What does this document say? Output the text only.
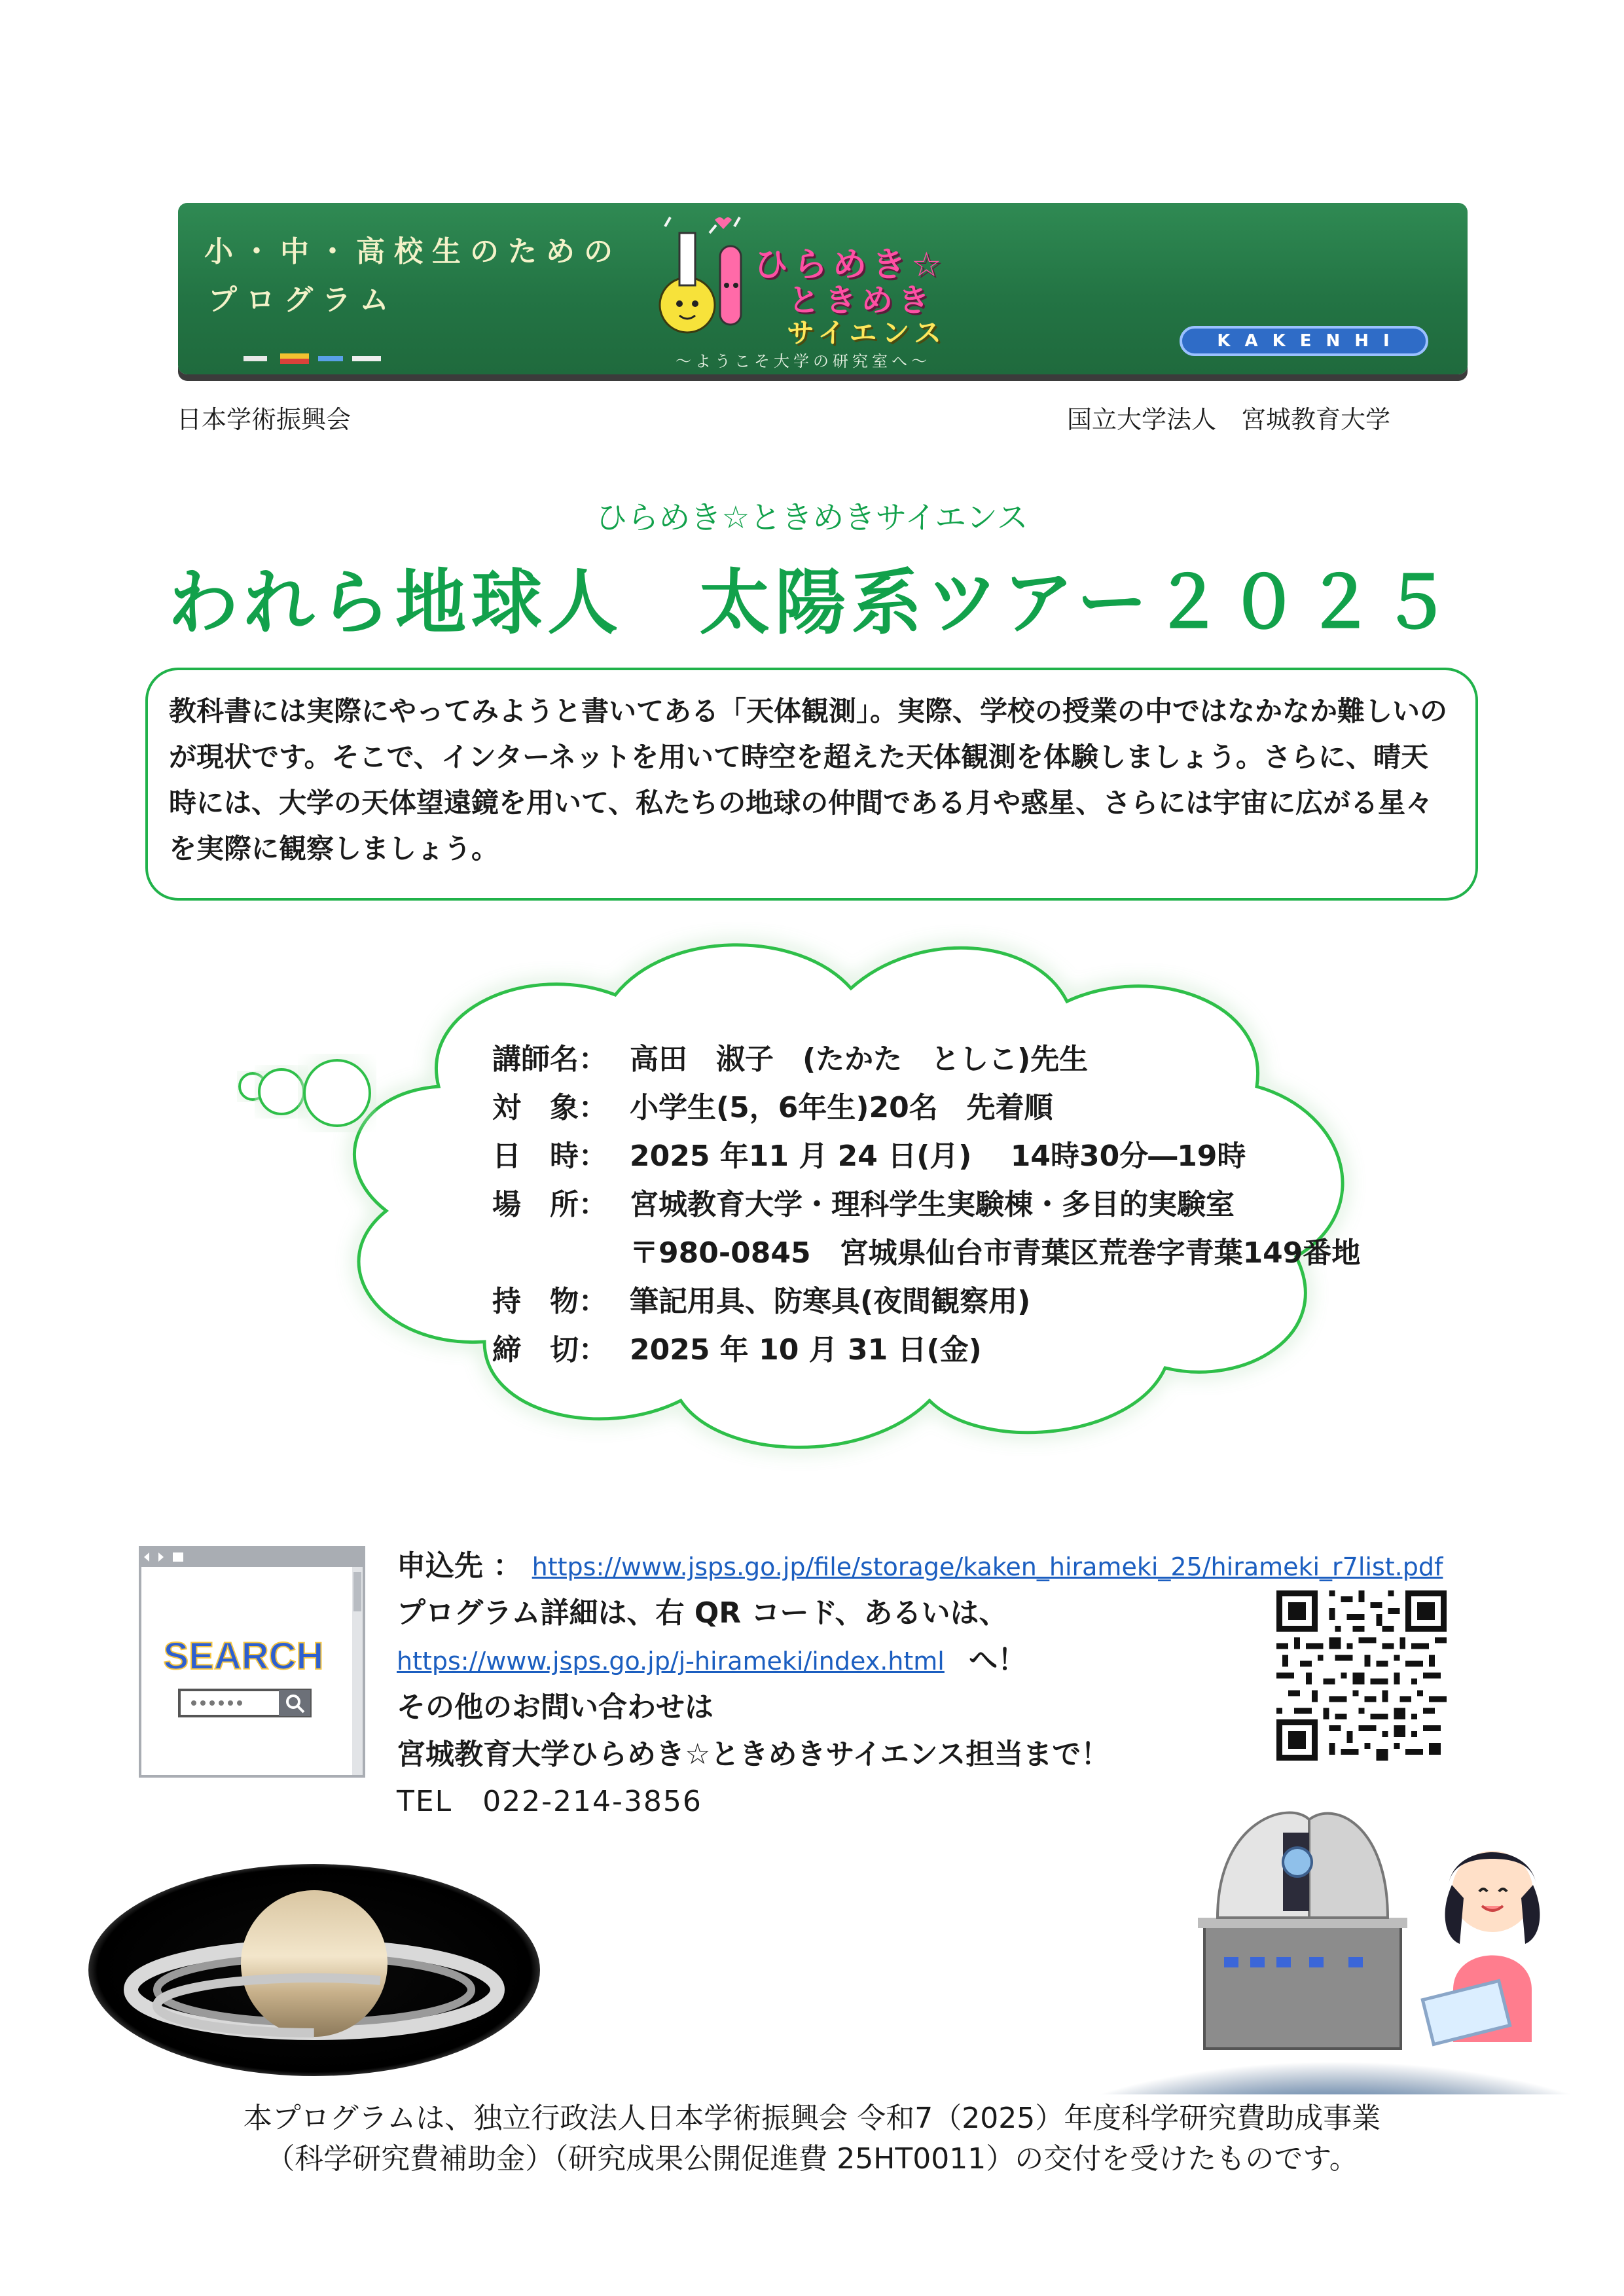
小・中・高校生のための
プログラム
ひらめき☆
ときめき
サイエンス
〜ようこそ大学の研究室へ〜
KAKENHI
日本学術振興会	国立大学法人　宮城教育大学
ひらめき☆ときめきサイエンス
われら地球人　太陽系ツアー２０２５
教科書には実際にやってみようと書いてある「天体観測」。実際、学校の授業の中ではなかなか難しいのが現状です。そこで、インターネットを用いて時空を超えた天体観測を体験しましょう。さらに、晴天時には、大学の天体望遠鏡を用いて、私たちの地球の仲間である月や惑星、さらには宇宙に広がる星々を実際に観察しましょう。
講師名： 高田　淑子　(たかた　としこ)先生
対　象： 小学生(5，6年生)20名　先着順
日　時： 2025 年11 月 24 日(月)　 14時30分―19時
場　所： 宮城教育大学・理科学生実験棟・多目的実験室
〒980-0845　宮城県仙台市青葉区荒巻字青葉149番地
持　物： 筆記用具、防寒具(夜間観察用)
締　切： 2025 年 10 月 31 日(金)
SEARCH
申込先 ： https://www.jsps.go.jp/file/storage/kaken_hirameki_25/hirameki_r7list.pdf
プログラム詳細は、右 QR コード、あるいは、
https://www.jsps.go.jp/j-hirameki/index.html へ！
その他のお問い合わせは
宮城教育大学ひらめき☆ときめきサイエンス担当まで！
TEL　022-214-3856
本プログラムは、独立行政法人日本学術振興会 令和7（2025）年度科学研究費助成事業
（科学研究費補助金）（研究成果公開促進費 25HT0011）の交付を受けたものです。
